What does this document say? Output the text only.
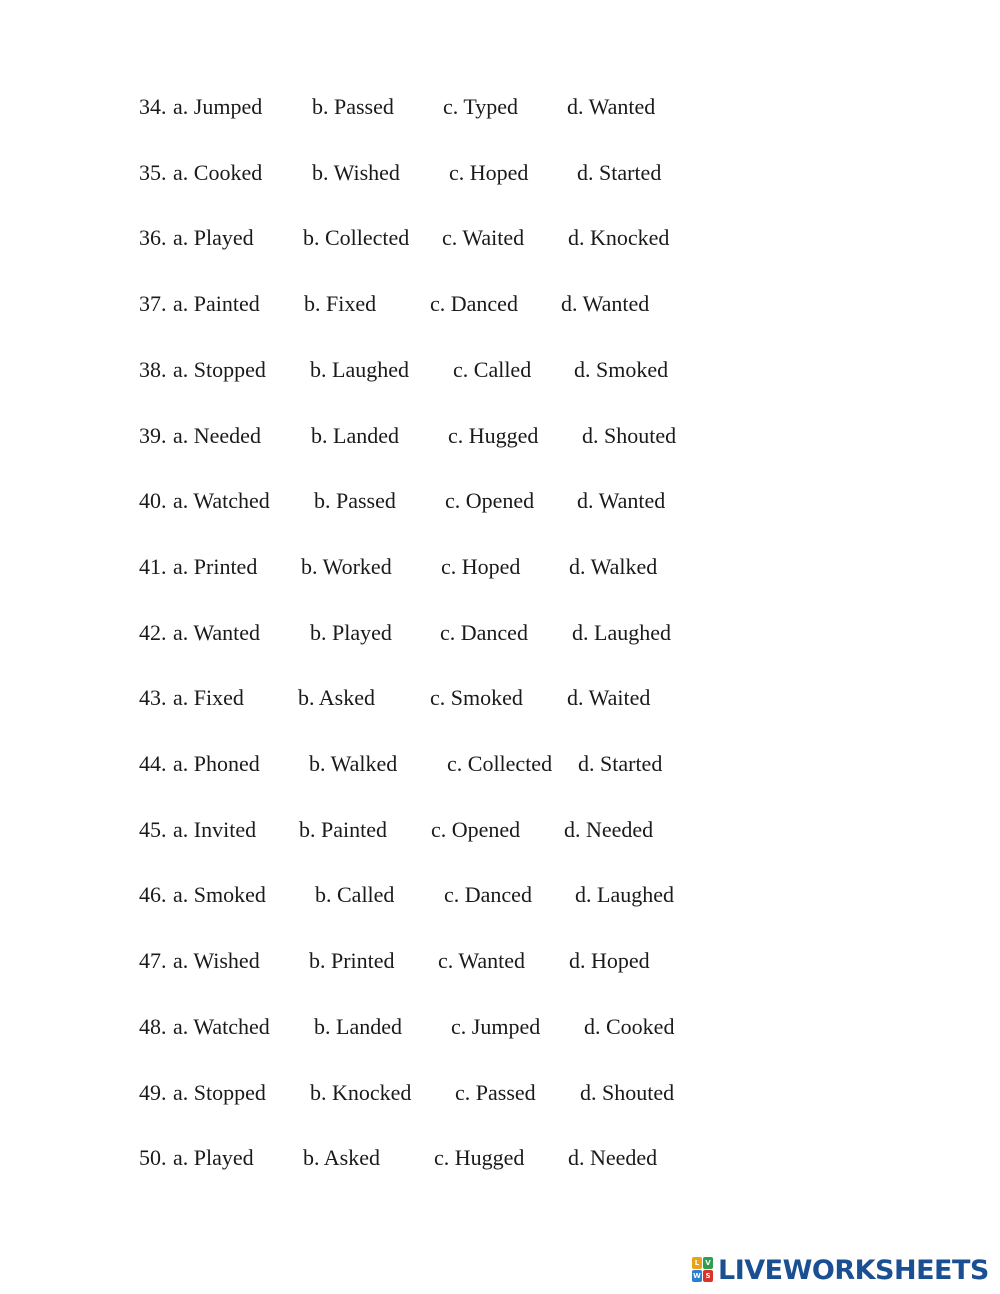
34. a. Jumped b. Passed c. Typed d. Wanted
35. a. Cooked b. Wished c. Hoped d. Started
36. a. Played b. Collected c. Waited d. Knocked
37. a. Painted b. Fixed c. Danced d. Wanted
38. a. Stopped b. Laughed c. Called d. Smoked
39. a. Needed b. Landed c. Hugged d. Shouted
40. a. Watched b. Passed c. Opened d. Wanted
41. a. Printed b. Worked c. Hoped d. Walked
42. a. Wanted b. Played c. Danced d. Laughed
43. a. Fixed b. Asked	c. Smoked d. Waited
44. a. Phoned b. Walked c. Collected d. Started
45. a. Invited b. Painted c. Opened d. Needed
46. a. Smoked b. Called c. Danced d. Laughed
47. a. Wished b. Printed c. Wanted d. Hoped
48. a. Watched b. Landed c. Jumped d. Cooked
49. a. Stopped b. Knocked c. Passed d. Shouted
50. a. Played b. Asked c. Hugged d. Needed
L V
W S LIVEWORKSHEETS
